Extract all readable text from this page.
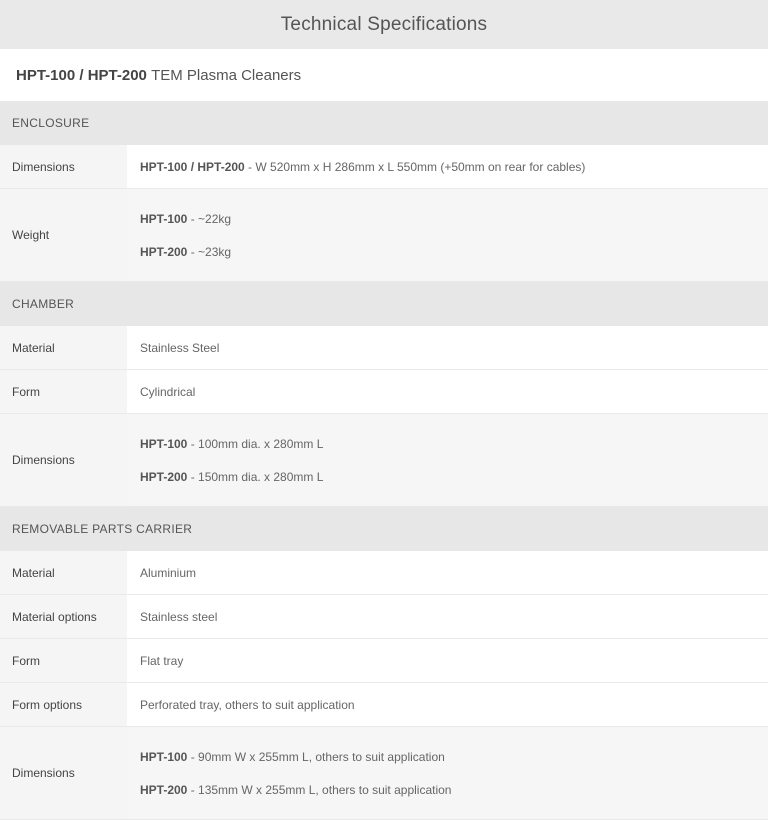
Technical Specifications
HPT-100 / HPT-200
TEM Plasma Cleaners
ENCLOSURE	
Dimensions	HPT-100 / HPT-200 - W 520mm x H 286mm x L 550mm (+50mm on rear for cables)

Weight	HPT-100 - ~22kg

HPT-200 - ~23kg

CHAMBER	
Material	Stainless Steel

Form	Cylindrical

Dimensions	HPT-100 - 100mm dia. x 280mm L

HPT-200 - 150mm dia. x 280mm L

REMOVABLE PARTS CARRIER	
Material	Aluminium

Material options	Stainless steel

Form	Flat tray

Form options	Perforated tray, others to suit application

Dimensions	HPT-100 - 90mm W x 255mm L, others to suit application

HPT-200 - 135mm W x 255mm L, others to suit application
